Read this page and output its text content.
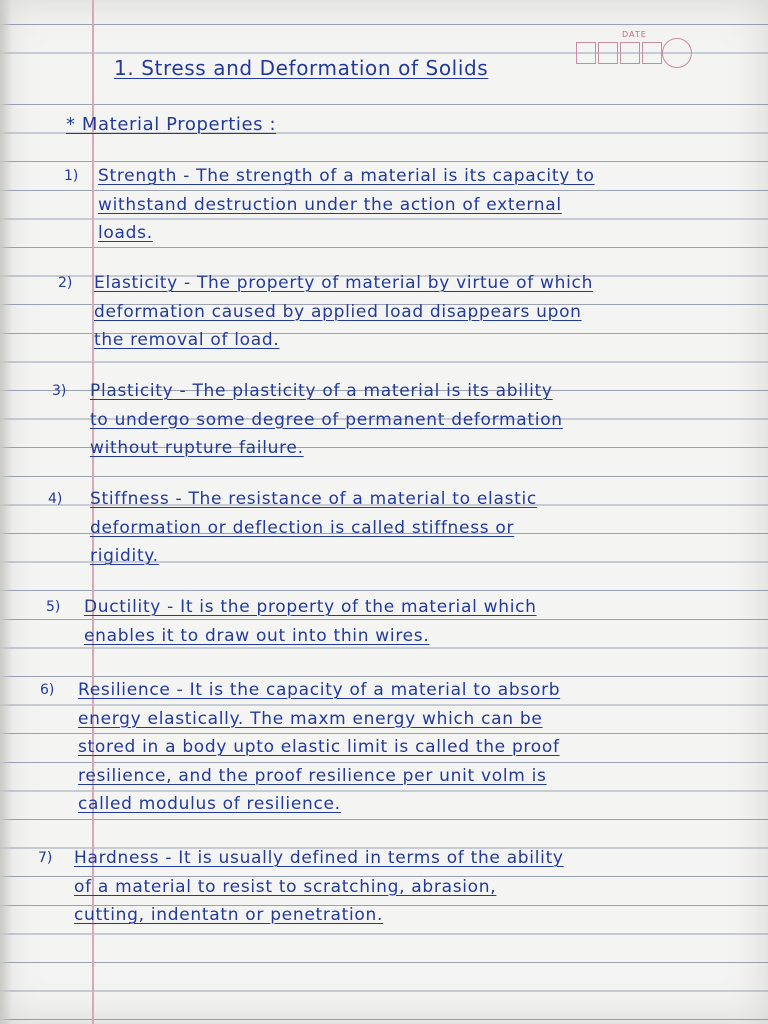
DATE
1. Stress and Deformation of Solids
* Material Properties :
1) Strength - The strength of a material is its capacity to
withstand destruction under the action of external
loads.
2) Elasticity - The property of material by virtue of which
deformation caused by applied load disappears upon
the removal of load.
3) Plasticity - The plasticity of a material is its ability
to undergo some degree of permanent deformation
without rupture failure.
4) Stiffness - The resistance of a material to elastic
deformation or deflection is called stiffness or
rigidity.
5) Ductility - It is the property of the material which
enables it to draw out into thin wires.
6) Resilience - It is the capacity of a material to absorb
energy elastically. The maxm energy which can be
stored in a body upto elastic limit is called the proof
resilience, and the proof resilience per unit volm is
called modulus of resilience.
7) Hardness - It is usually defined in terms of the ability
of a material to resist to scratching, abrasion,
cutting, indentatn or penetration.
